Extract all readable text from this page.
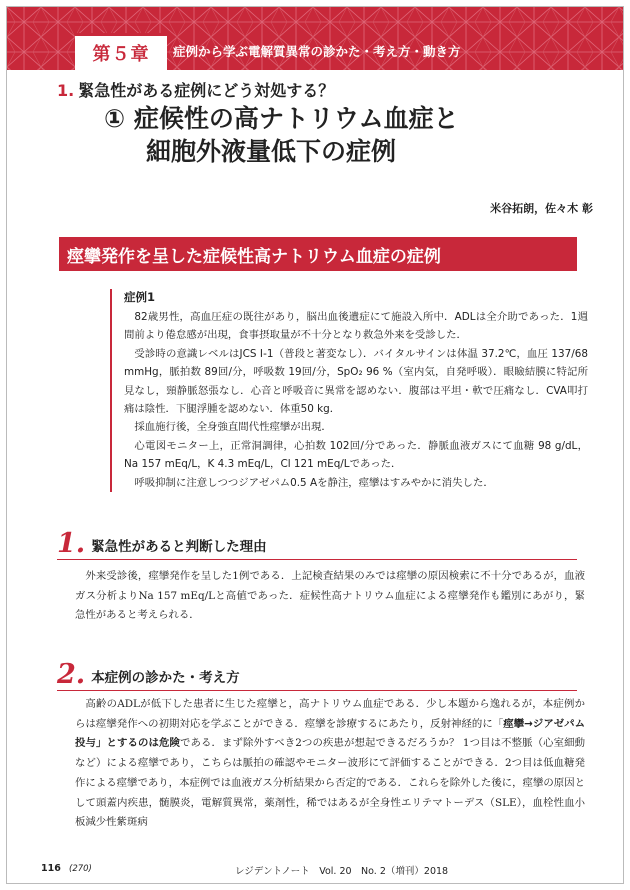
第５章 症例から学ぶ電解質異常の診かた・考え方・動き方
1. 緊急性がある症例にどう対処する？
① 症候性の高ナトリウム血症と
細胞外液量低下の症例
米谷拓朗，佐々木 彰
痙攣発作を呈した症候性高ナトリウム血症の症例
症例1

82歳男性，高血圧症の既往があり，脳出血後遺症にて施設入所中．ADLは全介助であった．1週間前より倦怠感が出現，食事摂取量が不十分となり救急外来を受診した．

受診時の意識レベルはJCS Ⅰ-1（普段と著変なし）．バイタルサインは体温 37.2℃，血圧 137/68 mmHg，脈拍数 89回/分，呼吸数 19回/分，SpO₂ 96 %（室内気，自発呼吸）．眼瞼結膜に特記所見なし，頸静脈怒張なし．心音と呼吸音に異常を認めない．腹部は平坦・軟で圧痛なし．CVA叩打痛は陰性．下腿浮腫を認めない．体重50 kg．

採血施行後，全身強直間代性痙攣が出現．

心電図モニター上，正常洞調律，心拍数 102回/分であった．静脈血液ガスにて血糖 98 g/dL，Na 157 mEq/L，K 4.3 mEq/L，Cl 121 mEq/Lであった．

呼吸抑制に注意しつつジアゼパム0.5 Aを静注，痙攣はすみやかに消失した．

1. 緊急性があると判断した理由

外来受診後，痙攣発作を呈した1例である．上記検査結果のみでは痙攣の原因検索に不十分であるが，血液ガス分析よりNa 157 mEq/Lと高値であった．症候性高ナトリウム血症による痙攣発作も鑑別にあがり，緊急性があると考えられる．

2. 本症例の診かた・考え方

高齢のADLが低下した患者に生じた痙攣と，高ナトリウム血症である．少し本題から逸れるが，本症例からは痙攣発作への初期対応を学ぶことができる．痙攣を診療するにあたり，反射神経的に「痙攣→ジアゼパム投与」とするのは危険である．まず除外すべき2つの疾患が想起できるだろうか？ 1つ目は不整脈（心室細動など）による痙攣であり，こちらは脈拍の確認やモニター波形にて評価することができる．2つ目は低血糖発作による痙攣であり，本症例では血液ガス分析結果から否定的である．これらを除外した後に，痙攣の原因として頭蓋内疾患，髄膜炎，電解質異常，薬剤性，稀ではあるが全身性エリテマトーデス（SLE），血栓性血小板減少性紫斑病

116 (270)	レジデントノート　Vol. 20　No. 2（増刊）2018
